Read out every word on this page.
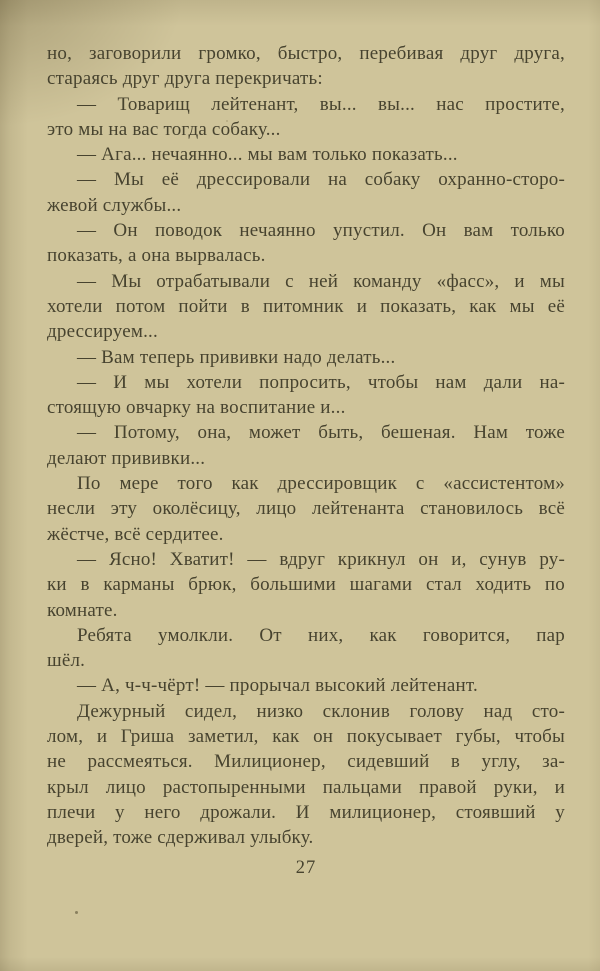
но, заговорили громко, быстро, перебивая друг друга,
стараясь друг друга перекричать:
— Товарищ лейтенант, вы... вы... нас простите,
это мы на вас тогда собаку...
— Ага... нечаянно... мы вам только показать...
— Мы её дрессировали на собаку охранно-сторо-
жевой службы...
— Он поводок нечаянно упустил. Он вам только
показать, а она вырвалась.
— Мы отрабатывали с ней команду «фасс», и мы
хотели потом пойти в питомник и показать, как мы её
дрессируем...
— Вам теперь прививки надо делать...
— И мы хотели попросить, чтобы нам дали на-
стоящую овчарку на воспитание и...
— Потому, она, может быть, бешеная. Нам тоже
делают прививки...
По мере того как дрессировщик с «ассистентом»
несли эту околёсицу, лицо лейтенанта становилось всё
жёстче, всё сердитее.
— Ясно! Хватит! — вдруг крикнул он и, сунув ру-
ки в карманы брюк, большими шагами стал ходить по
комнате.
Ребята умолкли. От них, как говорится, пар
шёл.
— А, ч-ч-чёрт! — прорычал высокий лейтенант.
Дежурный сидел, низко склонив голову над сто-
лом, и Гриша заметил, как он покусывает губы, чтобы
не рассмеяться. Милиционер, сидевший в углу, за-
крыл лицо растопыренными пальцами правой руки, и
плечи у него дрожали. И милиционер, стоявший у
дверей, тоже сдерживал улыбку.
27
